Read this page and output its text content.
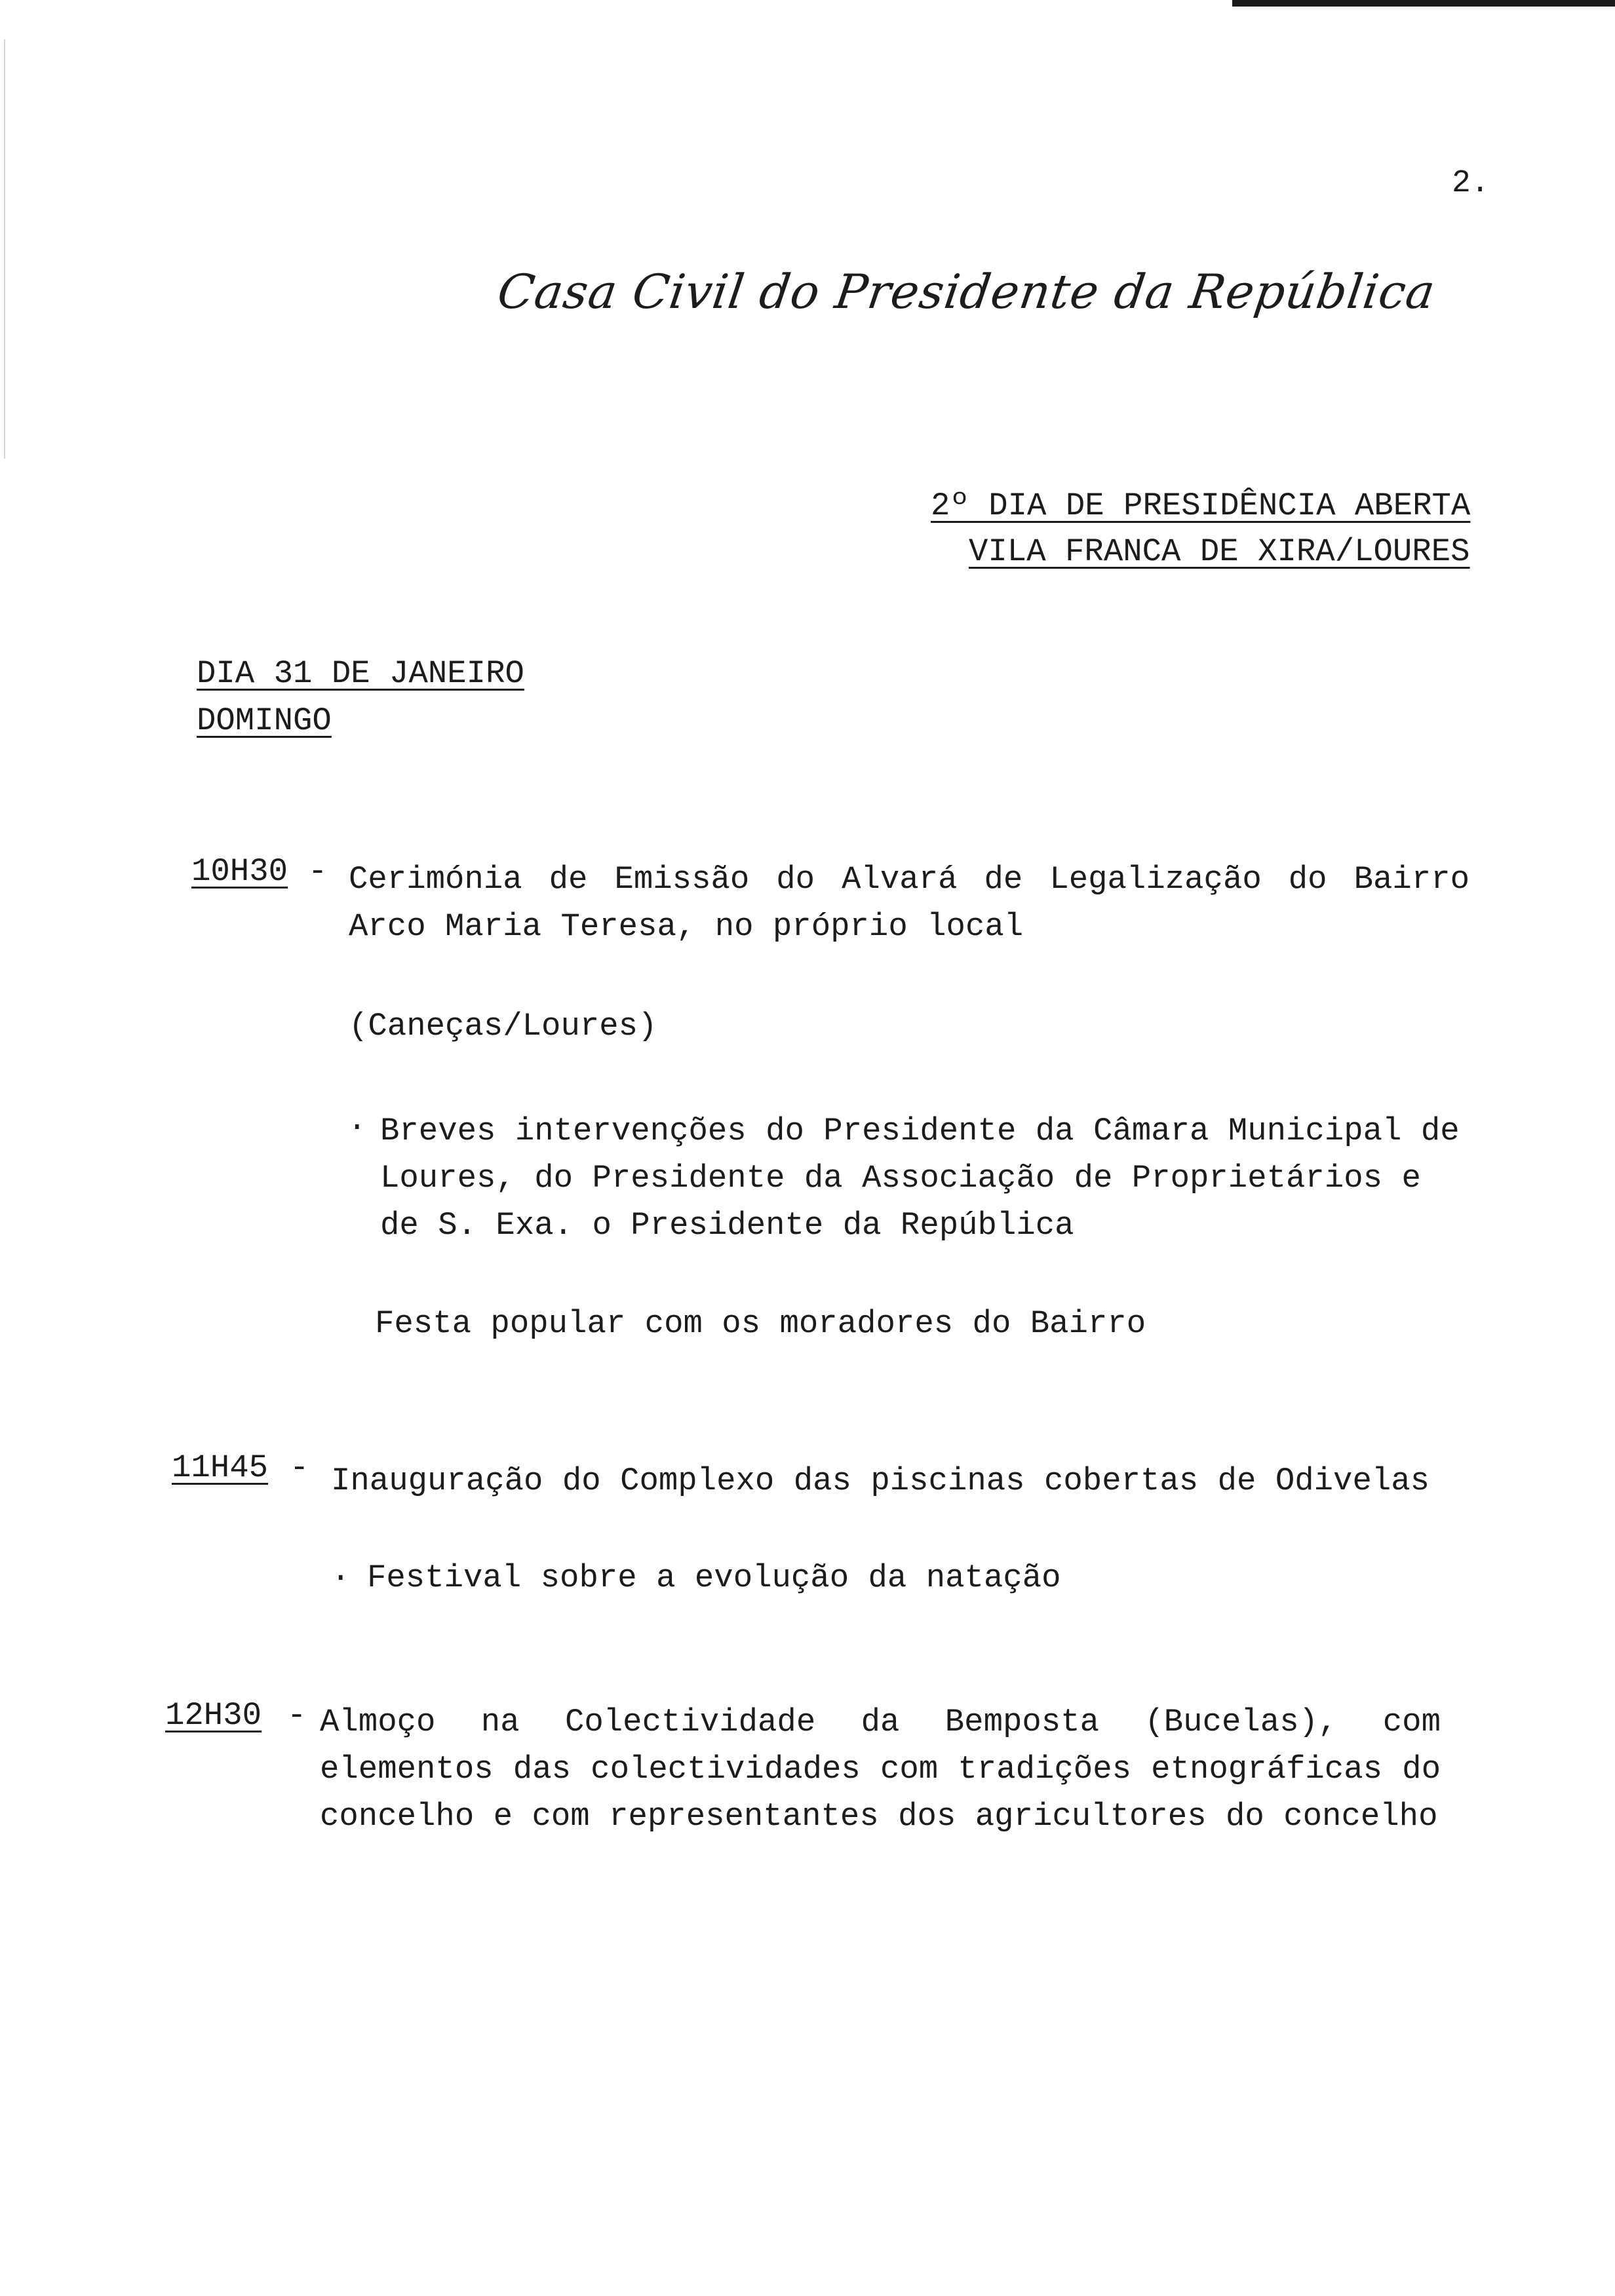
2.
Casa Civil do Presidente da República
2º DIA DE PRESIDÊNCIA ABERTA
VILA FRANCA DE XIRA/LOURES
DIA 31 DE JANEIRO
DOMINGO
10H30 - Cerimónia de Emissão do Alvará de Legalização do Bairro Arco Maria Teresa, no próprio local

(Caneças/Loures)
· Breves intervenções do Presidente da Câmara Municipal de Loures, do Presidente da Associação de Proprietários e de S. Exa. o Presidente da República

Festa popular com os moradores do Bairro
11H45 - Inauguração do Complexo das piscinas cobertas de Odivelas
· Festival sobre a evolução da natação
12H30 - Almoço na Colectividade da Bemposta (Bucelas), com elementos das colectividades com tradições etnográficas do concelho e com representantes dos agricultores do concelho
